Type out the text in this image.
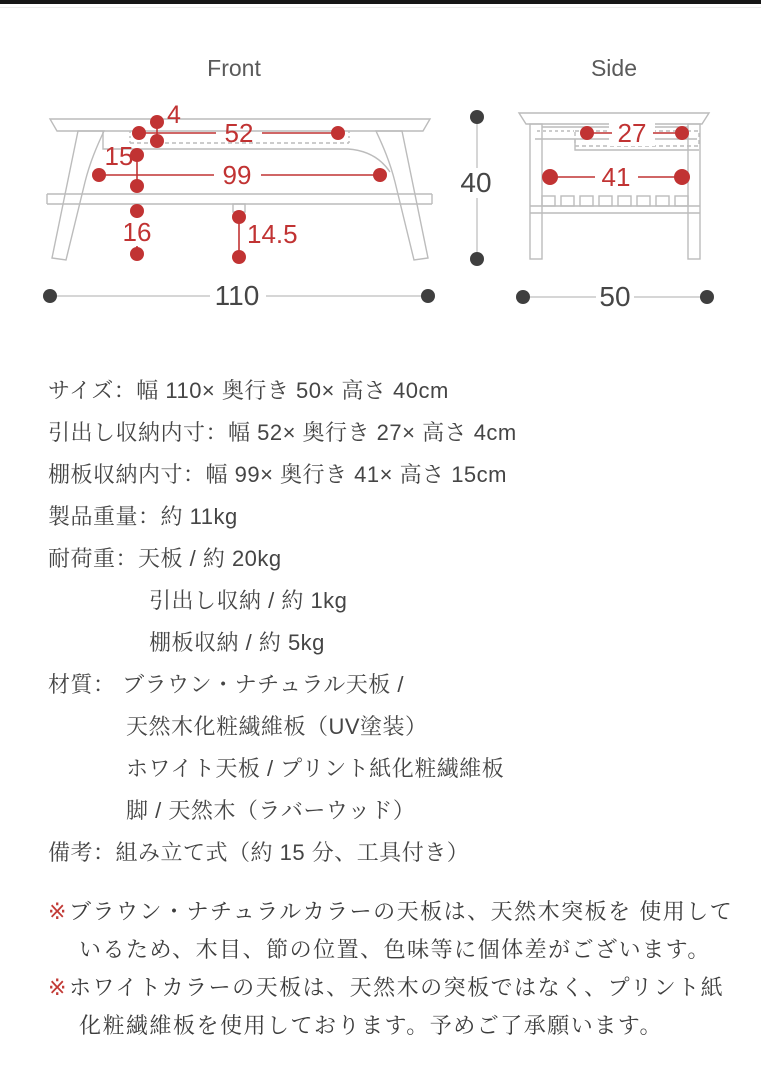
Front	Side
4
52
15
99
16	14.5
110
40
27
41
50
サイズ：幅 110× 奥行き 50× 高さ 40cm
引出し収納内寸：幅 52× 奥行き 27× 高さ 4cm
棚板収納内寸：幅 99× 奥行き 41× 高さ 15cm
製品重量：約 11kg
耐荷重：天板 / 約 20kg
引出し収納 / 約 1kg
棚板収納 / 約 5kg
材質： ブラウン・ナチュラル天板 /
天然木化粧繊維板（UV塗装）
ホワイト天板 / プリント紙化粧繊維板
脚 / 天然木（ラバーウッド）
備考：組み立て式（約 15 分、工具付き）
※ブラウン・ナチュラルカラーの天板は、天然木突板を 使用して
いるため、木目、節の位置、色味等に個体差がございます。
※ホワイトカラーの天板は、天然木の突板ではなく、プリント紙
化粧繊維板を使用しております。予めご了承願います。
